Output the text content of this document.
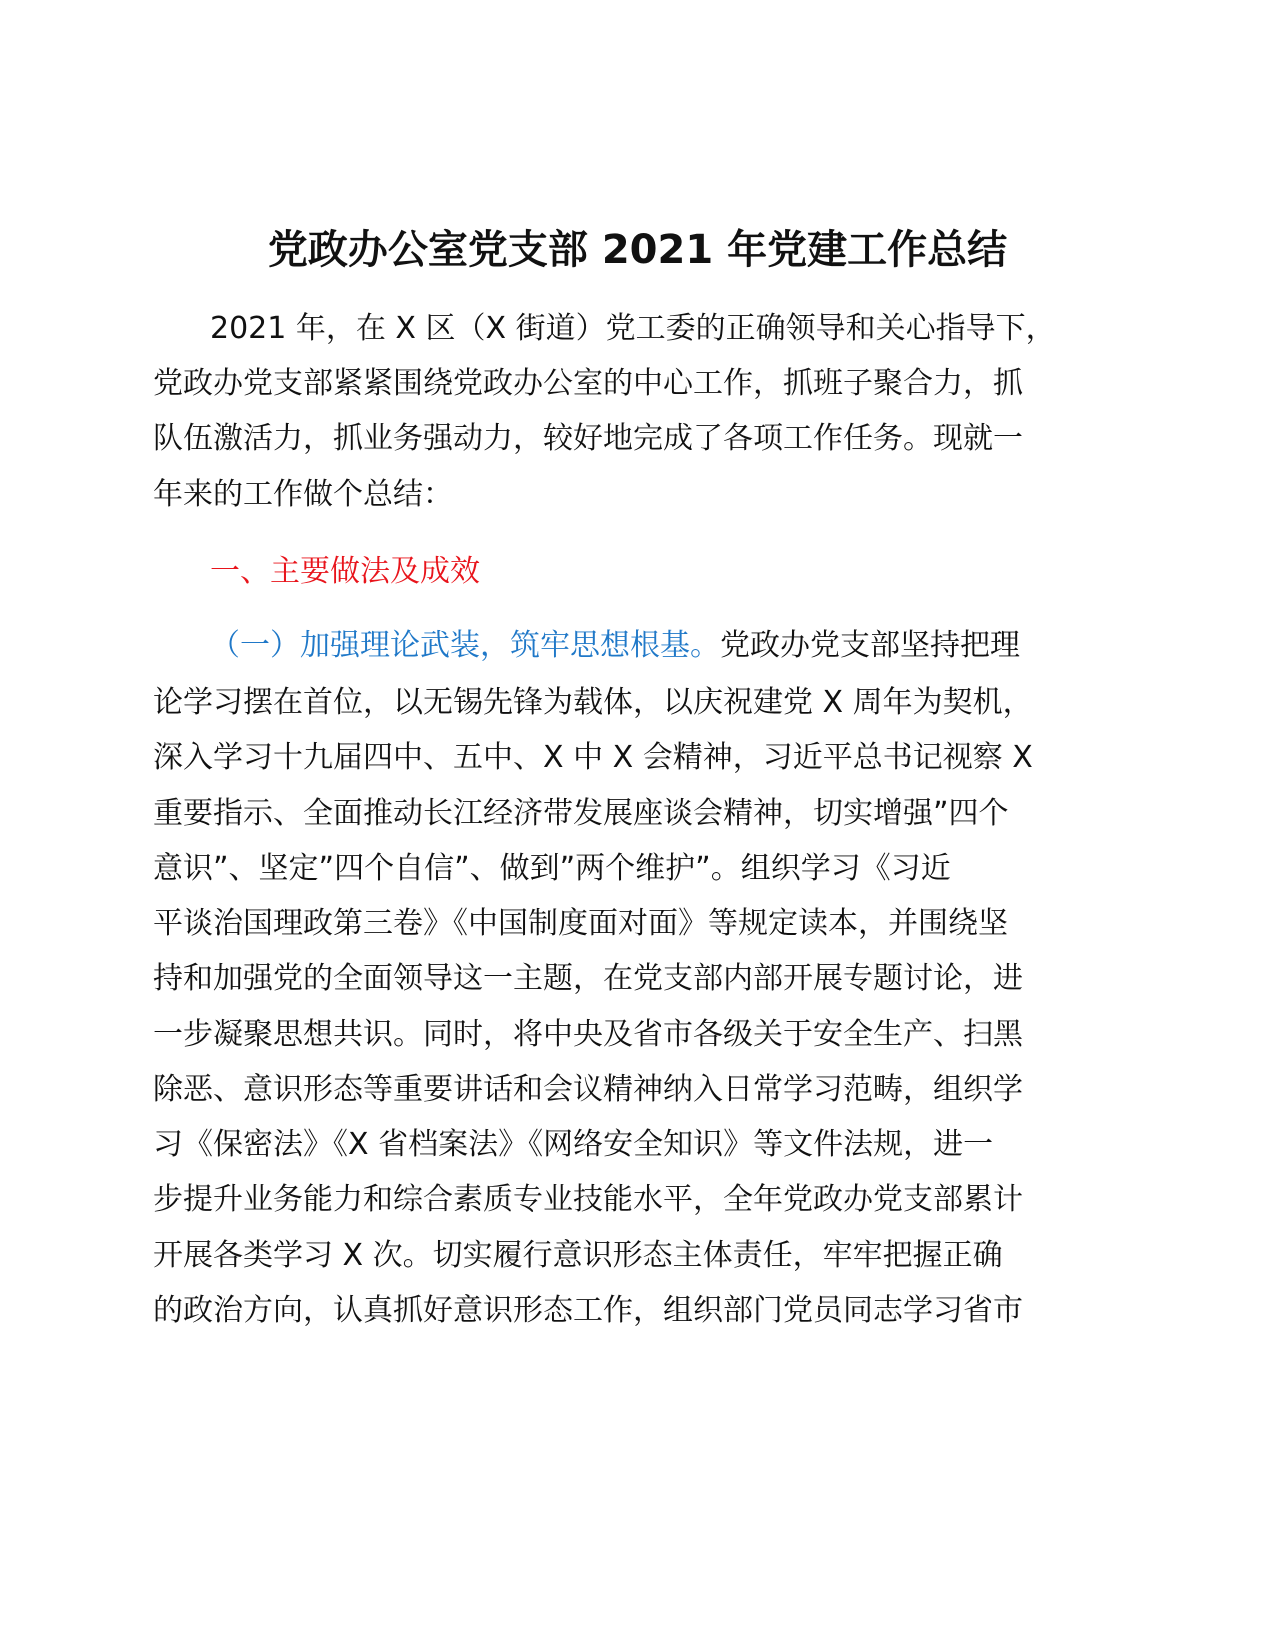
党政办公室党支部 2021 年党建工作总结

2021 年，在 X 区（X 街道）党工委的正确领导和关心指导下，

党政办党支部紧紧围绕党政办公室的中心工作，抓班子聚合力，抓

队伍激活力，抓业务强动力，较好地完成了各项工作任务。现就一

年来的工作做个总结：

一、主要做法及成效

（一）加强理论武装，筑牢思想根基。党政办党支部坚持把理

论学习摆在首位，以无锡先锋为载体，以庆祝建党 X 周年为契机，

深入学习十九届四中、五中、X 中 X 会精神，习近平总书记视察 X

重要指示、全面推动长江经济带发展座谈会精神，切实增强”四个

意识”、坚定”四个自信”、做到”两个维护”。组织学习《习近

平谈治国理政第三卷》《中国制度面对面》等规定读本，并围绕坚

持和加强党的全面领导这一主题，在党支部内部开展专题讨论，进

一步凝聚思想共识。同时，将中央及省市各级关于安全生产、扫黑

除恶、意识形态等重要讲话和会议精神纳入日常学习范畴，组织学

习《保密法》《X 省档案法》《网络安全知识》等文件法规，进一

步提升业务能力和综合素质专业技能水平，全年党政办党支部累计

开展各类学习 X 次。切实履行意识形态主体责任，牢牢把握正确

的政治方向，认真抓好意识形态工作，组织部门党员同志学习省市
